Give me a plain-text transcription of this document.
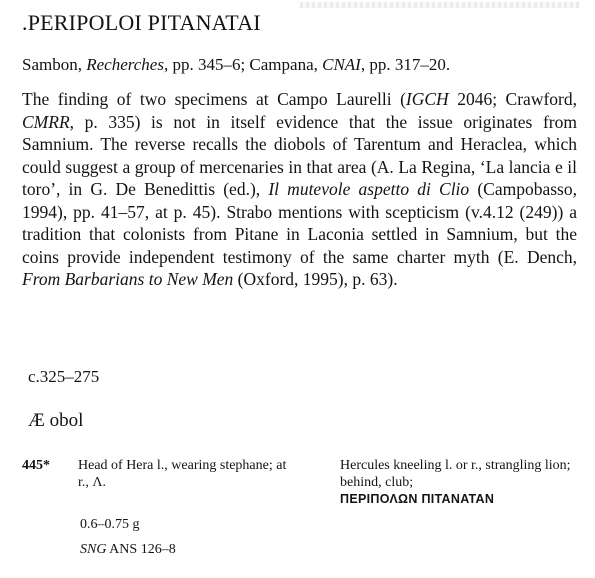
.PERIPOLOI PITANATAI
Sambon, Recherches, pp. 345–6; Campana, CNAI, pp. 317–20.
The finding of two specimens at Campo Laurelli (IGCH 2046; Crawford, CMRR, p. 335) is not in itself evidence that the issue originates from Samnium. The reverse recalls the diobols of Tarentum and Heraclea, which could suggest a group of mercenaries in that area (A. La Regina, ‘La lancia e il toro’, in G. De Benedittis (ed.), Il mutevole aspetto di Clio (Campobasso, 1994), pp. 41–57, at p. 45). Strabo mentions with scepticism (v.4.12 (249)) a tradition that colonists from Pitane in Laconia settled in Samnium, but the coins provide independent testimony of the same charter myth (E. Dench, From Barbarians to New Men (Oxford, 1995), p. 63).
c.325–275
Æ obol
445* Head of Hera l., wearing stephane; at r., Ʌ.
Hercules kneeling l. or r., strangling lion; behind, club;
ΠΕΡΙΠΟΛΩΝ ΠΙΤΑΝΑΤΑΝ
0.6–0.75 g
SNG ANS 126–8
